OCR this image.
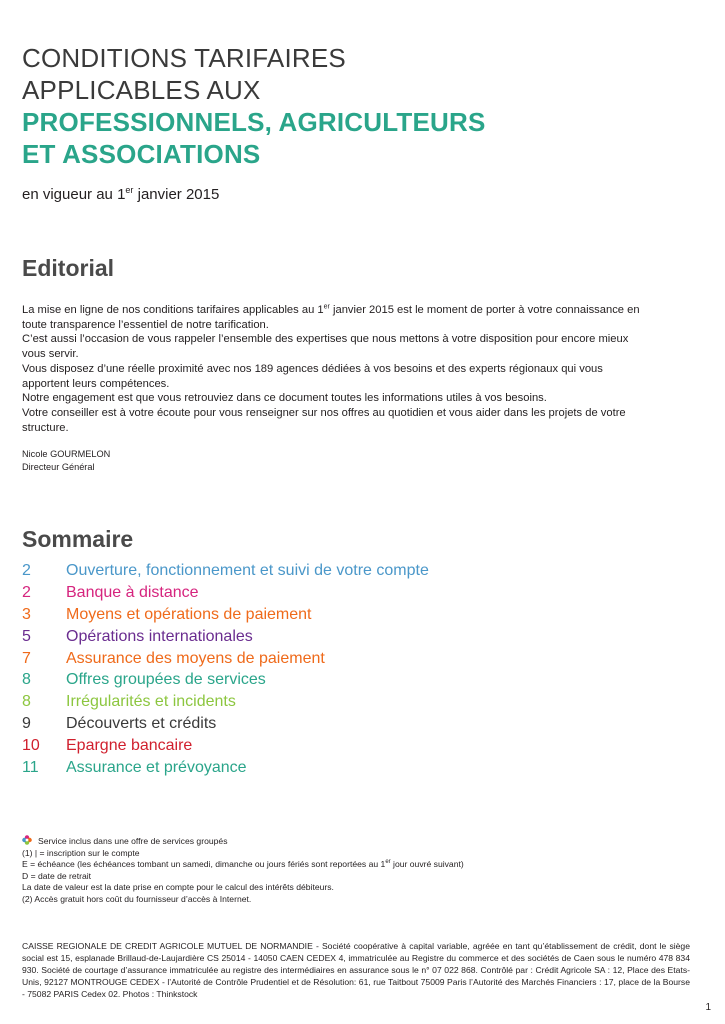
CONDITIONS TARIFAIRES
APPLICABLES AUX
PROFESSIONNELS, AGRICULTEURS
ET ASSOCIATIONS
en vigueur au 1er janvier 2015
Editorial

La mise en ligne de nos conditions tarifaires applicables au 1er janvier 2015 est le moment de porter à votre connaissance en toute transparence l’essentiel de notre tarification.

C’est aussi l’occasion de vous rappeler l’ensemble des expertises que nous mettons à votre disposition pour encore mieux vous servir.

Vous disposez d’une réelle proximité avec nos 189 agences dédiées à vos besoins et des experts régionaux qui vous apportent leurs compétences.

Notre engagement est que vous retrouviez dans ce document toutes les informations utiles à vos besoins.

Votre conseiller est à votre écoute pour vous renseigner sur nos offres au quotidien et vous aider dans les projets de votre structure.

Nicole GOURMELON
Directeur Général
Sommaire
2	Ouverture, fonctionnement et suivi de votre compte
2	Banque à distance
3	Moyens et opérations de paiement
5	Opérations internationales
7	Assurance des moyens de paiement
8	Offres groupées de services
8	Irrégularités et incidents
9	Découverts et crédits
10	Epargne bancaire
11	Assurance et prévoyance
Service inclus dans une offre de services groupés
(1) | = inscription sur le compte
E = échéance (les échéances tombant un samedi, dimanche ou jours fériés sont reportées au 1er jour ouvré suivant)
D = date de retrait
La date de valeur est la date prise en compte pour le calcul des intérêts débiteurs.
(2) Accès gratuit hors coût du fournisseur d’accès à Internet.
CAISSE REGIONALE DE CREDIT AGRICOLE MUTUEL DE NORMANDIE - Société coopérative à capital variable, agréée en tant qu’établissement de crédit, dont le siège social est 15, esplanade Brillaud-de-Laujardière CS 25014 - 14050 CAEN CEDEX 4, immatriculée au Registre du commerce et des sociétés de Caen sous le numéro 478 834 930. Société de courtage d’assurance immatriculée au registre des intermédiaires en assurance sous le n° 07 022 868. Contrôlé par : Crédit Agricole SA : 12, Place des Etats-Unis, 92127 MONTROUGE CEDEX - l’Autorité de Contrôle Prudentiel et de Résolution: 61, rue Taitbout 75009 Paris l’Autorité des Marchés Financiers : 17, place de la Bourse - 75082 PARIS Cedex 02. Photos : Thinkstock
1
